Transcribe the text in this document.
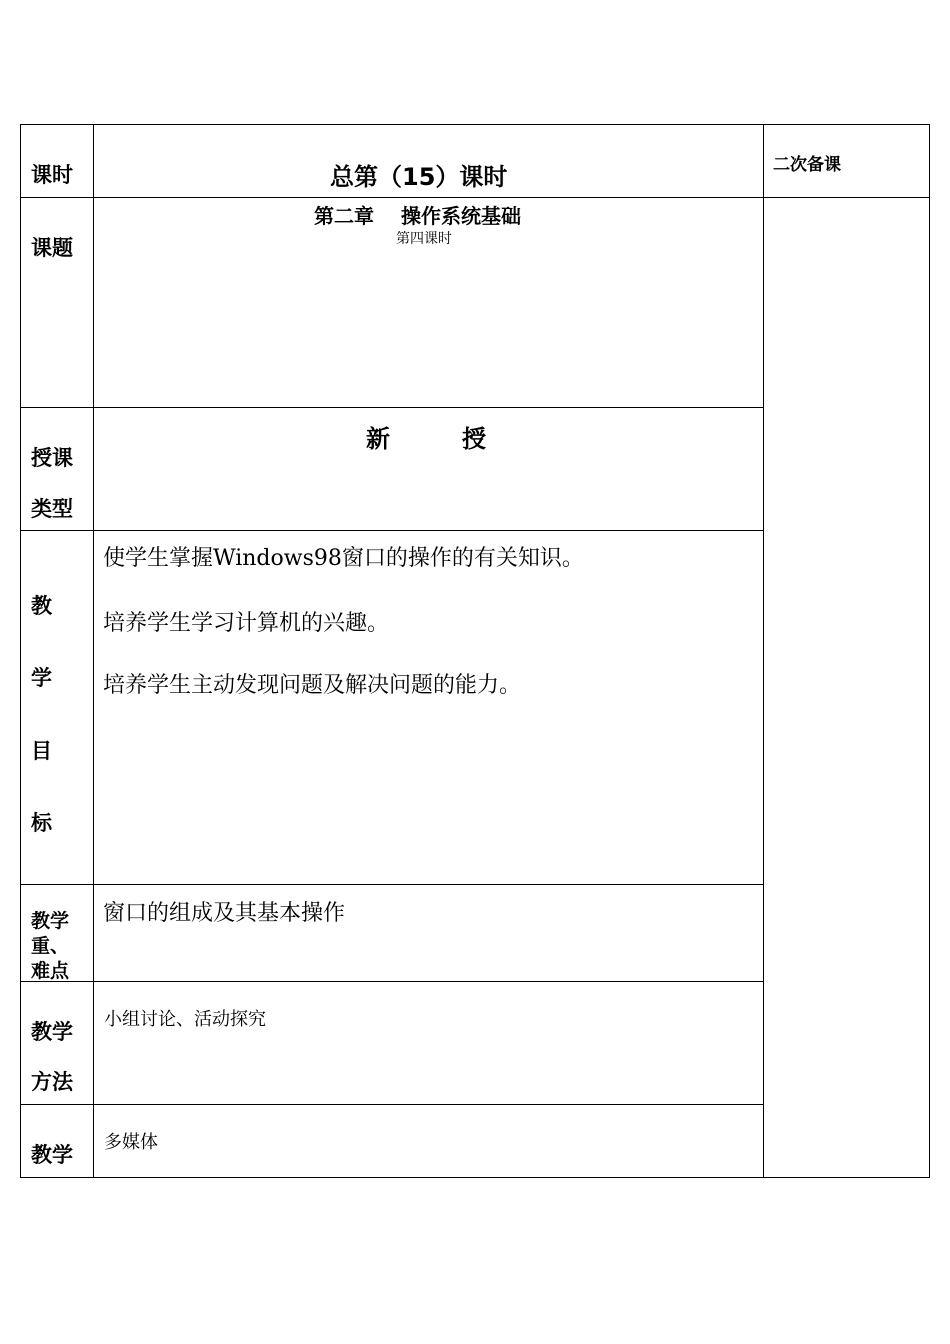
课时	总第（15）课时	二次备课
课题
第二章　 操作系统基础
第四课时
授课
类型
新　　　授
教
学
目
标
使学生掌握Windows98窗口的操作的有关知识。
培养学生学习计算机的兴趣。
培养学生主动发现问题及解决问题的能力。
教学
重、
难点
窗口的组成及其基本操作
教学
方法
小组讨论、活动探究
教学
多媒体
